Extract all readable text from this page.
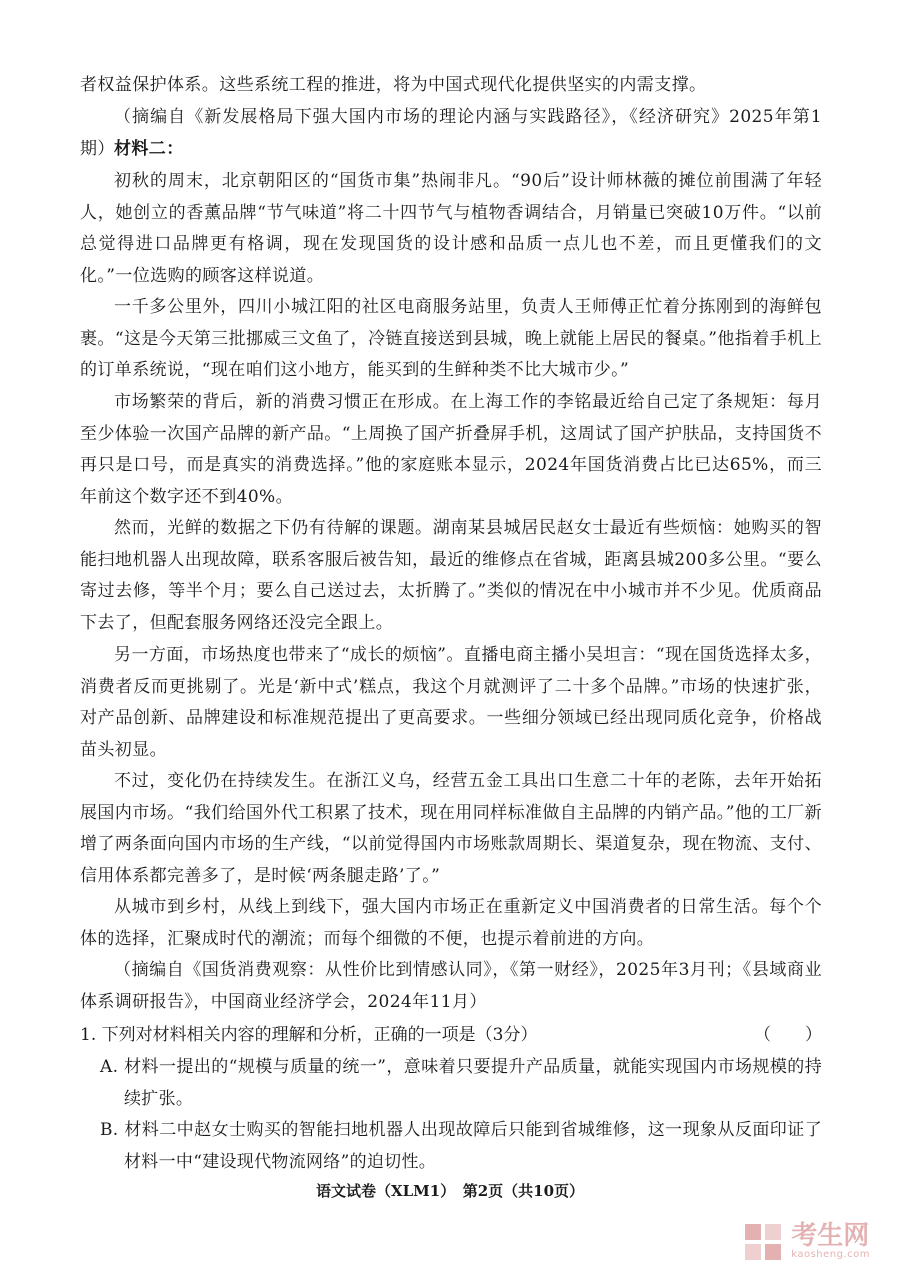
者权益保护体系。这些系统工程的推进，将为中国式现代化提供坚实的内需支撑。

（摘编自《新发展格局下强大国内市场的理论内涵与实践路径》，《经济研究》2025年第1期） 材料二：

初秋的周末，北京朝阳区的“国货市集”热闹非凡。“90后”设计师林薇的摊位前围满了年轻人，她创立的香薰品牌“节气味道”将二十四节气与植物香调结合，月销量已突破10万件。“以前总觉得进口品牌更有格调，现在发现国货的设计感和品质一点儿也不差，而且更懂我们的文化。”一位选购的顾客这样说道。

一千多公里外，四川小城江阳的社区电商服务站里，负责人王师傅正忙着分拣刚到的海鲜包裹。“这是今天第三批挪威三文鱼了，冷链直接送到县城，晚上就能上居民的餐桌。”他指着手机上的订单系统说，“现在咱们这小地方，能买到的生鲜种类不比大城市少。”

市场繁荣的背后，新的消费习惯正在形成。在上海工作的李铭最近给自己定了条规矩：每月至少体验一次国产品牌的新产品。“上周换了国产折叠屏手机，这周试了国产护肤品，支持国货不再只是口号，而是真实的消费选择。”他的家庭账本显示，2024年国货消费占比已达65%，而三年前这个数字还不到40%。

然而，光鲜的数据之下仍有待解的课题。湖南某县城居民赵女士最近有些烦恼：她购买的智能扫地机器人出现故障，联系客服后被告知，最近的维修点在省城，距离县城200多公里。“要么寄过去修，等半个月；要么自己送过去，太折腾了。”类似的情况在中小城市并不少见。优质商品下去了，但配套服务网络还没完全跟上。

另一方面，市场热度也带来了“成长的烦恼”。直播电商主播小吴坦言：“现在国货选择太多，消费者反而更挑剔了。光是‘新中式’糕点，我这个月就测评了二十多个品牌。”市场的快速扩张，对产品创新、品牌建设和标准规范提出了更高要求。一些细分领域已经出现同质化竞争，价格战苗头初显。

不过，变化仍在持续发生。在浙江义乌，经营五金工具出口生意二十年的老陈，去年开始拓展国内市场。“我们给国外代工积累了技术，现在用同样标准做自主品牌的内销产品。”他的工厂新增了两条面向国内市场的生产线，“以前觉得国内市场账款周期长、渠道复杂，现在物流、支付、信用体系都完善多了，是时候‘两条腿走路’了。”

从城市到乡村，从线上到线下，强大国内市场正在重新定义中国消费者的日常生活。每个个体的选择，汇聚成时代的潮流；而每个细微的不便，也提示着前进的方向。

（摘编自《国货消费观察：从性价比到情感认同》，《第一财经》，2025年3月刊；《县域商业体系调研报告》，中国商业经济学会，2024年11月）

1. 下列对材料相关内容的理解和分析，正确的一项是（3分）	（　　）

A. 材料一提出的“规模与质量的统一”，意味着只要提升产品质量，就能实现国内市场规模的持续扩张。

B. 材料二中赵女士购买的智能扫地机器人出现故障后只能到省城维修，这一现象从反面印证了材料一中“建设现代物流网络”的迫切性。

语文试卷（XLM1）　第2页（共10页）
考生网
kaosheng.com
